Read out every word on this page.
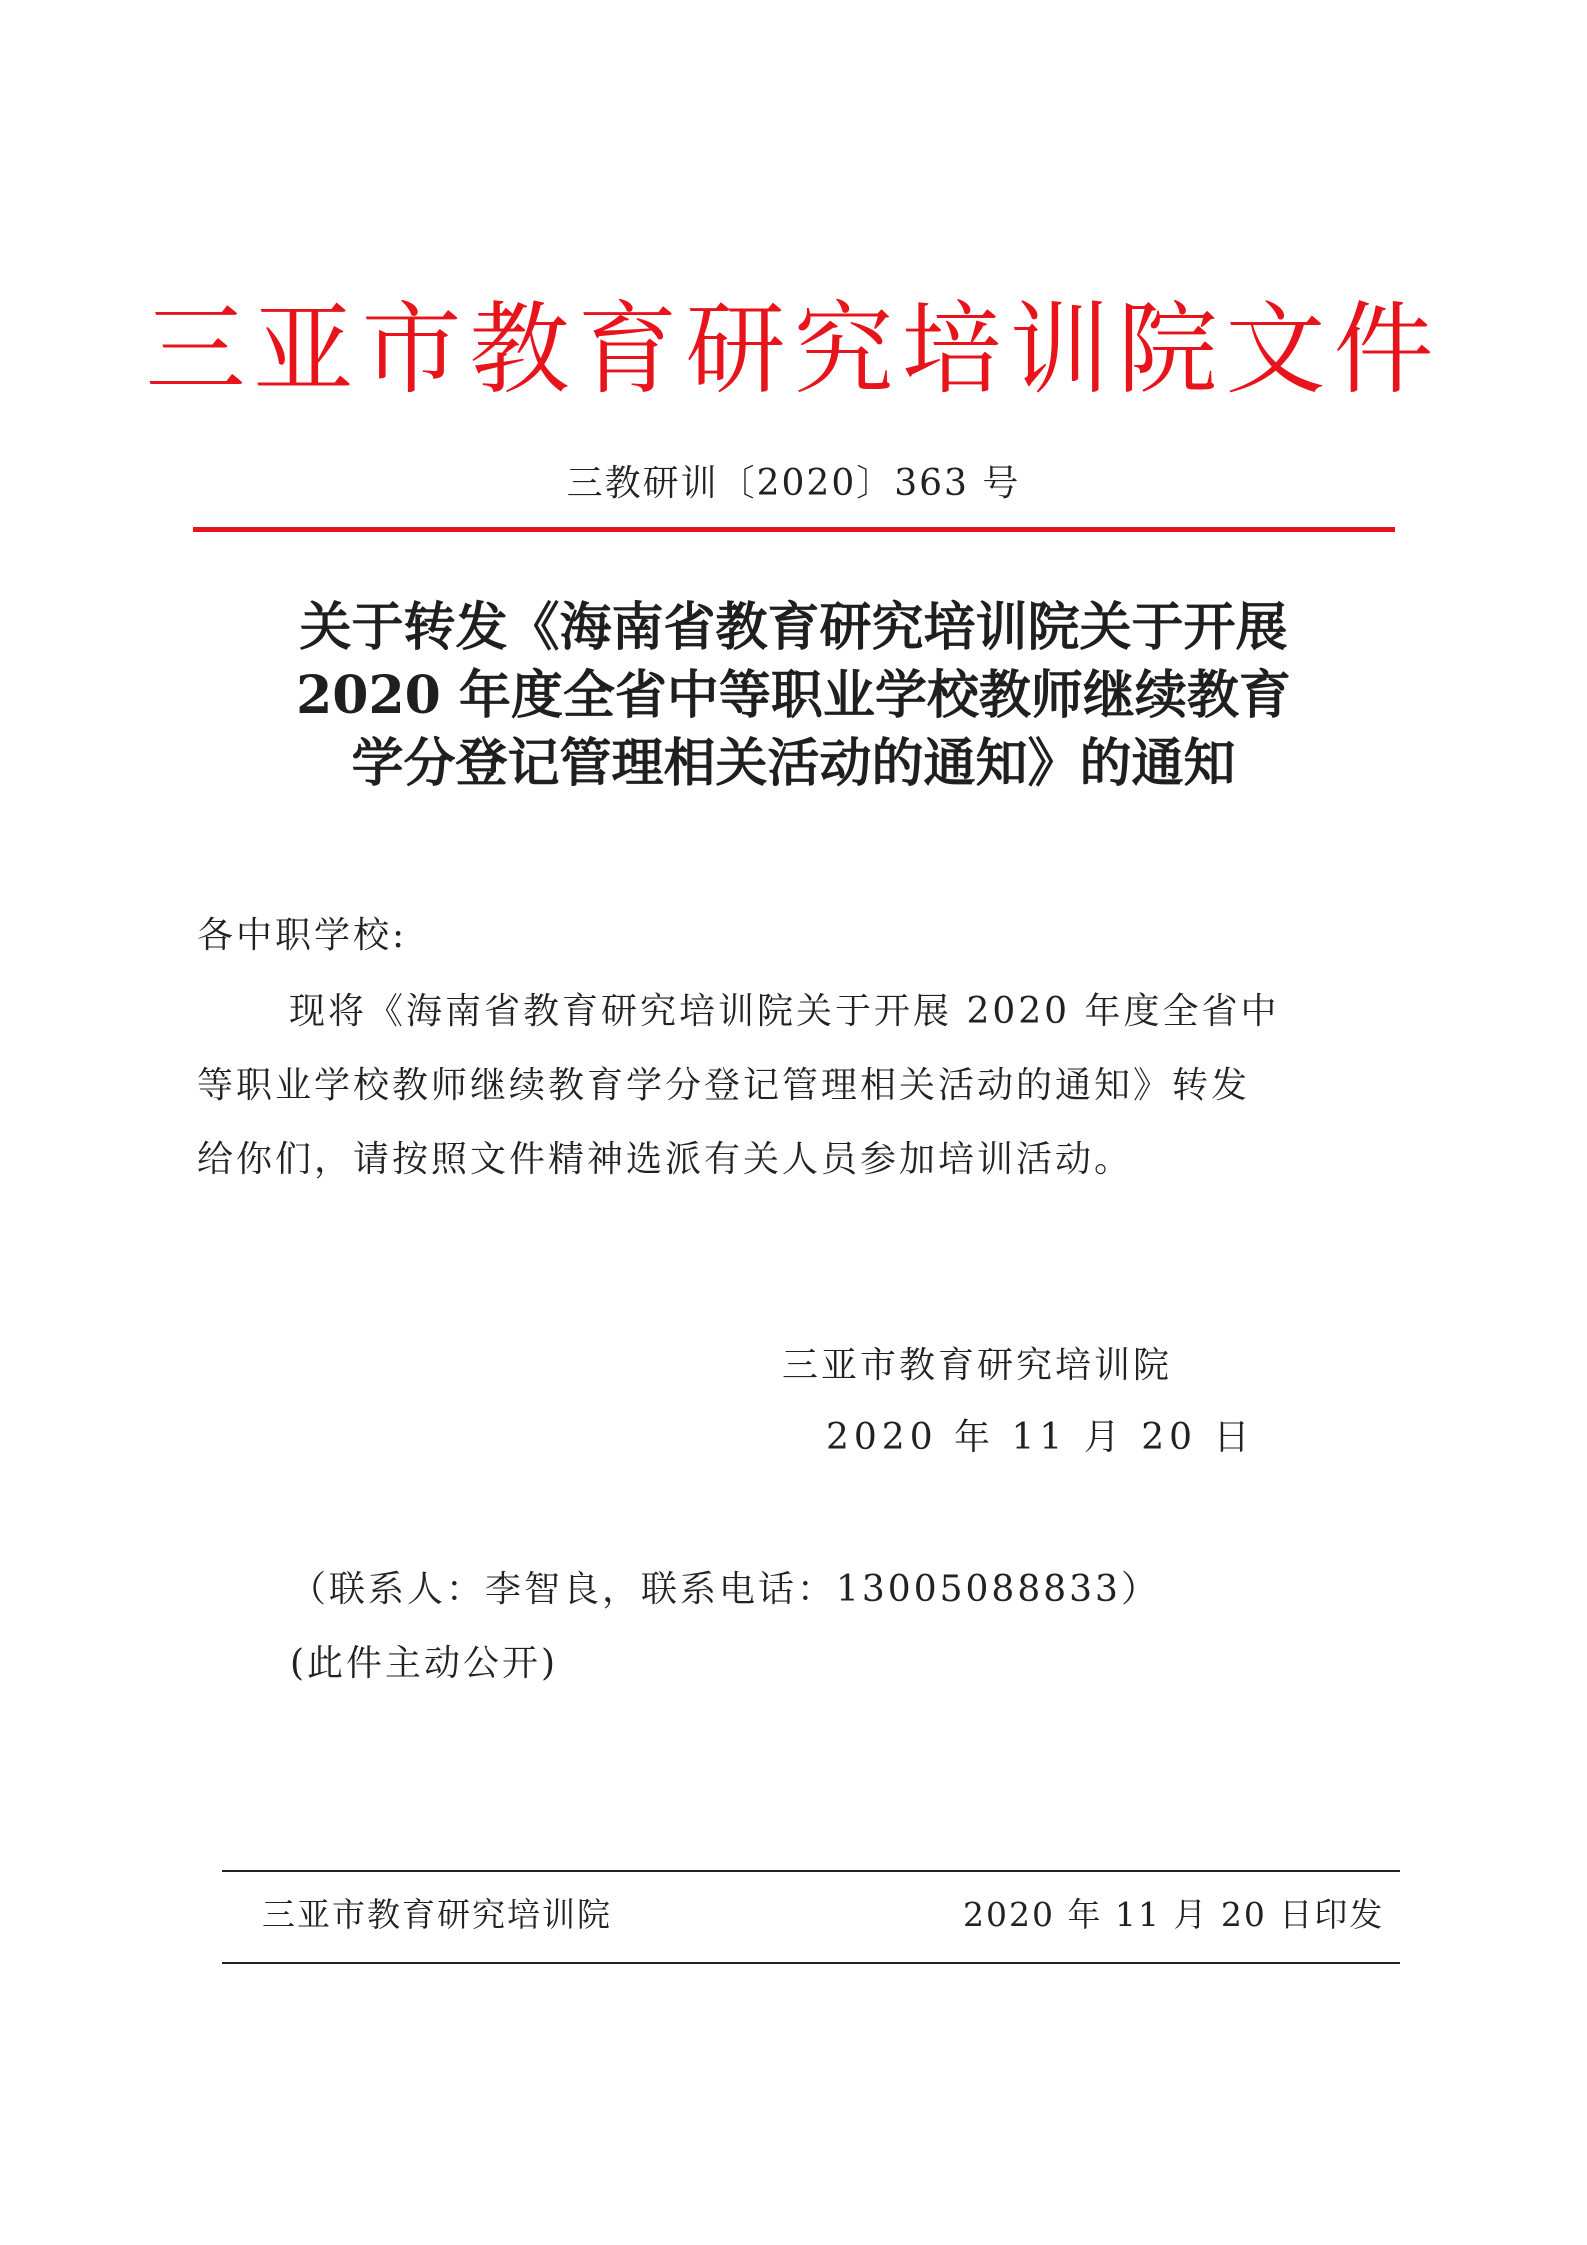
三亚市教育研究培训院文件
三教研训〔2020〕363 号
关于转发《海南省教育研究培训院关于开展
2020 年度全省中等职业学校教师继续教育
学分登记管理相关活动的通知》的通知
各中职学校:
现将《海南省教育研究培训院关于开展 2020 年度全省中
等职业学校教师继续教育学分登记管理相关活动的通知》转发
给你们，请按照文件精神选派有关人员参加培训活动。
三亚市教育研究培训院
2020 年 11 月 20 日
（联系人：李智良，联系电话：13005088833）
(此件主动公开)
三亚市教育研究培训院	2020 年 11 月 20 日印发
